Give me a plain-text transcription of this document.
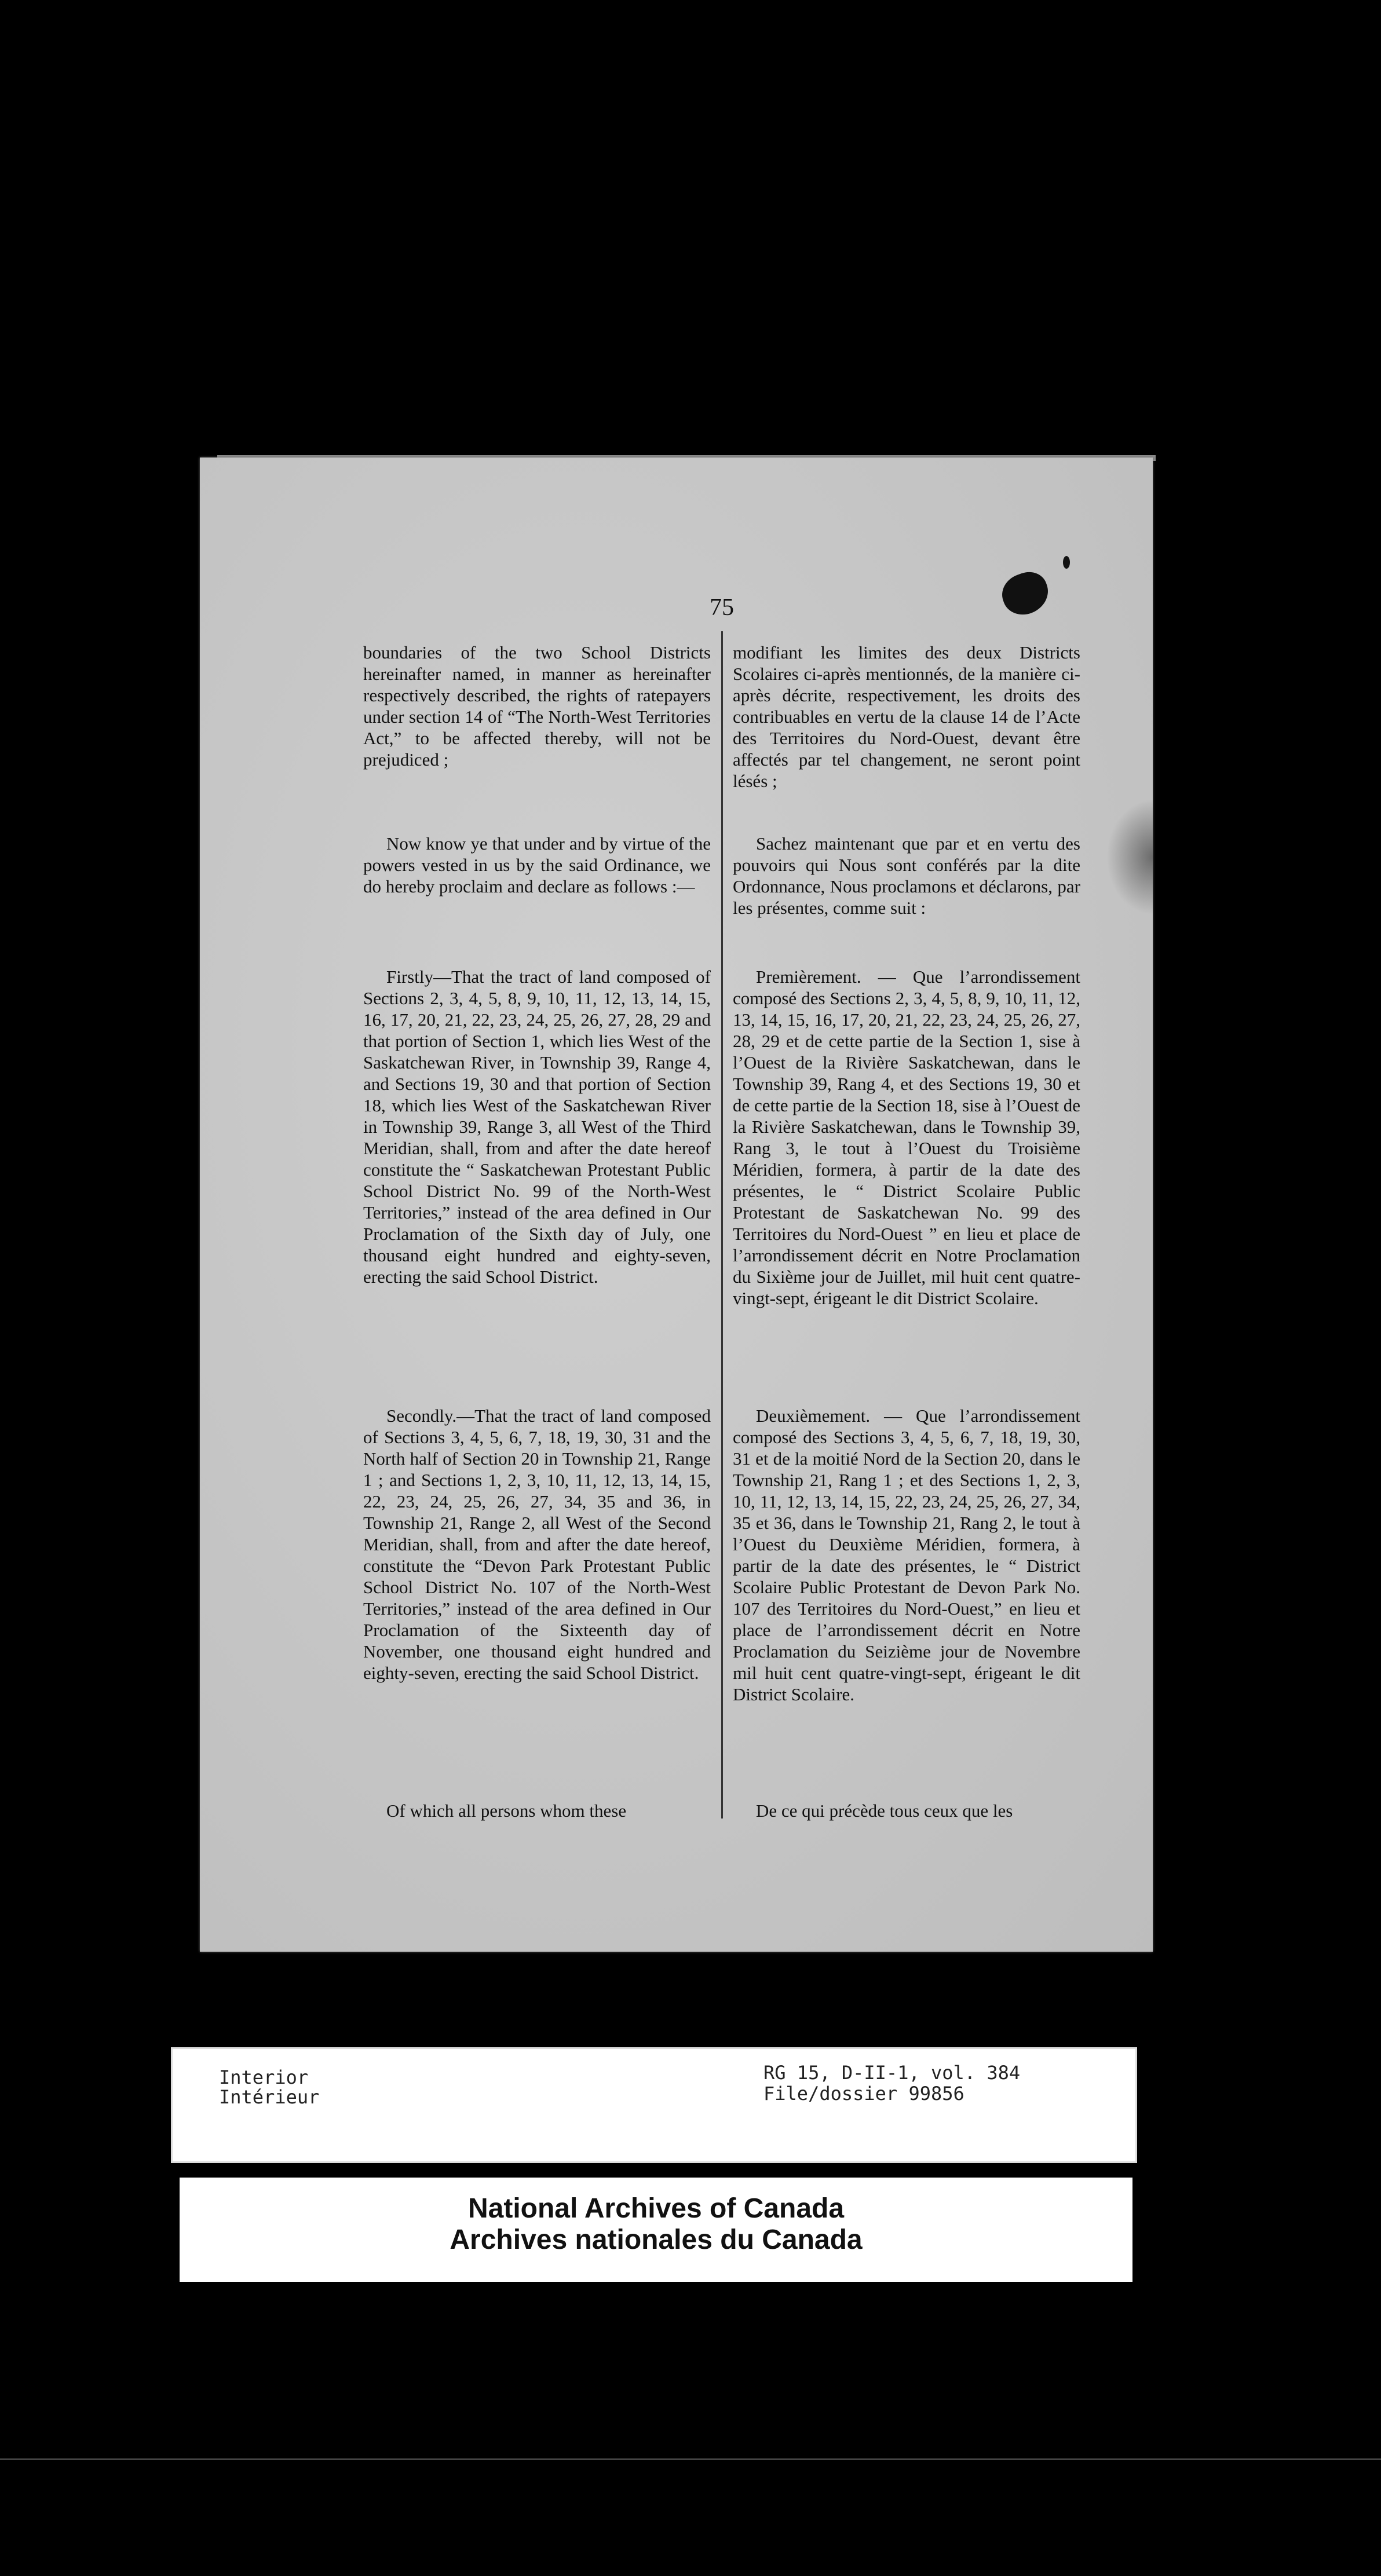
75

boundaries of the two School Districts hereinafter named, in manner as hereinafter respectively described, the rights of ratepayers under section 14 of “The North-West Territories Act,” to be affected thereby, will not be prejudiced ;

Now know ye that under and by virtue of the powers vested in us by the said Ordinance, we do hereby proclaim and declare as follows :—

Firstly—That the tract of land composed of Sections 2, 3, 4, 5, 8, 9, 10, 11, 12, 13, 14, 15, 16, 17, 20, 21, 22, 23, 24, 25, 26, 27, 28, 29 and that portion of Section 1, which lies West of the Saskatchewan River, in Township 39, Range 4, and Sections 19, 30 and that portion of Section 18, which lies West of the Saskatchewan River in Township 39, Range 3, all West of the Third Meridian, shall, from and after the date hereof constitute the “ Saskatchewan Protestant Public School District No. 99 of the North-West Territories,” instead of the area defined in Our Proclamation of the Sixth day of July, one thousand eight hundred and eighty-seven, erecting the said School District.

Secondly.—That the tract of land composed of Sections 3, 4, 5, 6, 7, 18, 19, 30, 31 and the North half of Section 20 in Township 21, Range 1 ; and Sections 1, 2, 3, 10, 11, 12, 13, 14, 15, 22, 23, 24, 25, 26, 27, 34, 35 and 36, in Township 21, Range 2, all West of the Second Meridian, shall, from and after the date hereof, constitute the “Devon Park Protestant Public School District No. 107 of the North-West Territories,” instead of the area defined in Our Proclamation of the Sixteenth day of November, one thousand eight hundred and eighty-seven, erecting the said School District.

Of which all persons whom these

modifiant les limites des deux Districts Scolaires ci-après mentionnés, de la manière ci-après décrite, respectivement, les droits des contribuables en vertu de la clause 14 de l’Acte des Territoires du Nord-Ouest, devant être affectés par tel changement, ne seront point lésés ;

Sachez maintenant que par et en vertu des pouvoirs qui Nous sont conférés par la dite Ordonnance, Nous proclamons et déclarons, par les présentes, comme suit :

Premièrement. — Que l’arrondissement composé des Sections 2, 3, 4, 5, 8, 9, 10, 11, 12, 13, 14, 15, 16, 17, 20, 21, 22, 23, 24, 25, 26, 27, 28, 29 et de cette partie de la Section 1, sise à l’Ouest de la Rivière Saskatchewan, dans le Township 39, Rang 4, et des Sections 19, 30 et de cette partie de la Section 18, sise à l’Ouest de la Rivière Saskatchewan, dans le Township 39, Rang 3, le tout à l’Ouest du Troisième Méridien, formera, à partir de la date des présentes, le “ District Scolaire Public Protestant de Saskatchewan No. 99 des Territoires du Nord-Ouest ” en lieu et place de l’arrondissement décrit en Notre Proclamation du Sixième jour de Juillet, mil huit cent quatre-vingt-sept, érigeant le dit District Scolaire.

Deuxièmement. — Que l’arrondissement composé des Sections 3, 4, 5, 6, 7, 18, 19, 30, 31 et de la moitié Nord de la Section 20, dans le Township 21, Rang 1 ; et des Sections 1, 2, 3, 10, 11, 12, 13, 14, 15, 22, 23, 24, 25, 26, 27, 34, 35 et 36, dans le Township 21, Rang 2, le tout à l’Ouest du Deuxième Méridien, formera, à partir de la date des présentes, le “ District Scolaire Public Protestant de Devon Park No. 107 des Territoires du Nord-Ouest,” en lieu et place de l’arrondissement décrit en Notre Proclamation du Seizième jour de Novembre mil huit cent quatre-vingt-sept, érigeant le dit District Scolaire.

De ce qui précède tous ceux que les

Interior
Intérieur
RG 15, D-II-1, vol. 384
File/dossier 99856
National Archives of Canada
Archives nationales du Canada
